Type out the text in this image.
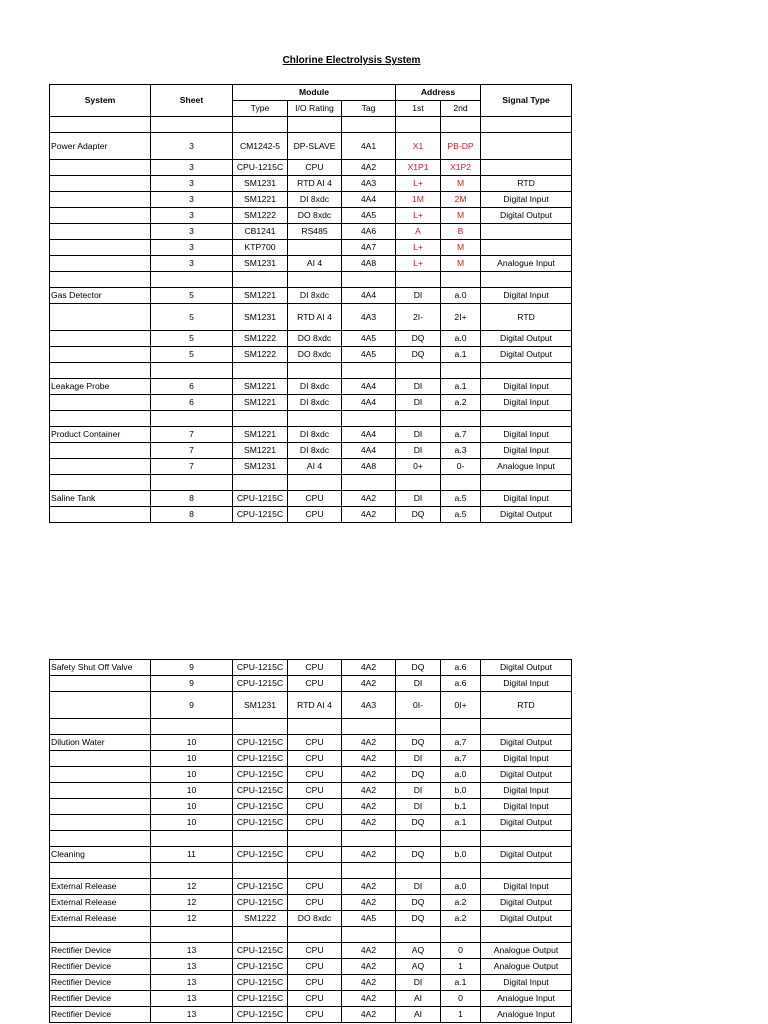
Chlorine Electrolysis System
System	Sheet	Module			Address		Signal Type
		Type	I/O Rating	Tag	1st	2nd	

Power Adapter	3	CM1242-5	DP-SLAVE	4A1	X1	PB-DP	
	3	CPU-1215C	CPU	4A2	X1P1	X1P2	
	3	SM1231	RTD AI 4	4A3	L+	M	RTD
	3	SM1221	DI 8xdc	4A4	1M	2M	Digital Input
	3	SM1222	DO 8xdc	4A5	L+	M	Digital Output
	3	CB1241	RS485	4A6	A	B	
	3	KTP700		4A7	L+	M	
	3	SM1231	AI 4	4A8	L+	M	Analogue Input

Gas Detector	5	SM1221	DI 8xdc	4A4	DI	a.0	Digital Input
	5	SM1231	RTD AI 4	4A3	2I-	2I+	RTD
	5	SM1222	DO 8xdc	4A5	DQ	a.0	Digital Output
	5	SM1222	DO 8xdc	4A5	DQ	a.1	Digital Output

Leakage Probe	6	SM1221	DI 8xdc	4A4	DI	a.1	Digital Input
	6	SM1221	DI 8xdc	4A4	DI	a.2	Digital Input

Product Container	7	SM1221	DI 8xdc	4A4	DI	a.7	Digital Input
	7	SM1221	DI 8xdc	4A4	DI	a.3	Digital Input
	7	SM1231	AI 4	4A8	0+	0-	Analogue Input

Saline Tank	8	CPU-1215C	CPU	4A2	DI	a.5	Digital Input
	8	CPU-1215C	CPU	4A2	DQ	a.5	Digital Output
Safety Shut Off Valve	9	CPU-1215C	CPU	4A2	DQ	a.6	Digital Output
	9	CPU-1215C	CPU	4A2	DI	a.6	Digital Input
	9	SM1231	RTD AI 4	4A3	0I-	0I+	RTD

Dilution Water	10	CPU-1215C	CPU	4A2	DQ	a.7	Digital Output
	10	CPU-1215C	CPU	4A2	DI	a.7	Digital Input
	10	CPU-1215C	CPU	4A2	DQ	a.0	Digital Output
	10	CPU-1215C	CPU	4A2	DI	b.0	Digital Input
	10	CPU-1215C	CPU	4A2	DI	b.1	Digital Input
	10	CPU-1215C	CPU	4A2	DQ	a.1	Digital Output

Cleaning	11	CPU-1215C	CPU	4A2	DQ	b.0	Digital Output

External Release	12	CPU-1215C	CPU	4A2	DI	a.0	Digital Input
External Release	12	CPU-1215C	CPU	4A2	DQ	a.2	Digital Output
External Release	12	SM1222	DO 8xdc	4A5	DQ	a.2	Digital Output

Rectifier Device	13	CPU-1215C	CPU	4A2	AQ	0	Analogue Output
Rectifier Device	13	CPU-1215C	CPU	4A2	AQ	1	Analogue Output
Rectifier Device	13	CPU-1215C	CPU	4A2	DI	a.1	Digital Input
Rectifier Device	13	CPU-1215C	CPU	4A2	AI	0	Analogue Input
Rectifier Device	13	CPU-1215C	CPU	4A2	AI	1	Analogue Input
